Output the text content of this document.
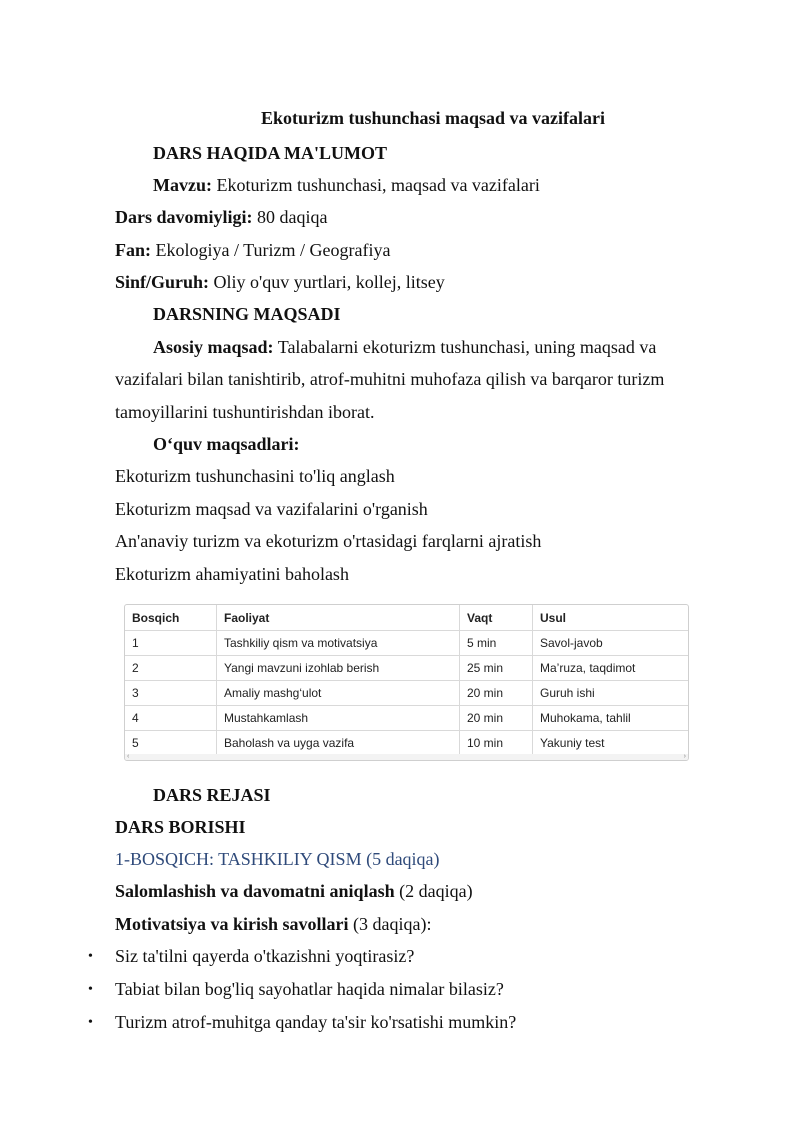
Ekoturizm tushunchasi maqsad va vazifalari
DARS HAQIDA MA'LUMOT
Mavzu: Ekoturizm tushunchasi, maqsad va vazifalari
Dars davomiyligi: 80 daqiqa
Fan: Ekologiya / Turizm / Geografiya
Sinf/Guruh: Oliy o'quv yurtlari, kollej, litsey
DARSNING MAQSADI
Asosiy maqsad: Talabalarni ekoturizm tushunchasi, uning maqsad va
vazifalari bilan tanishtirib, atrof-muhitni muhofaza qilish va barqaror turizm
tamoyillarini tushuntirishdan iborat.
O‘quv maqsadlari:
Ekoturizm tushunchasini to'liq anglash
Ekoturizm maqsad va vazifalarini o'rganish
An'anaviy turizm va ekoturizm o'rtasidagi farqlarni ajratish
Ekoturizm ahamiyatini baholash
Bosqich	Faoliyat	Vaqt	Usul
1	Tashkiliy qism va motivatsiya	5 min	Savol-javob
2	Yangi mavzuni izohlab berish	25 min	Ma’ruza, taqdimot
3	Amaliy mashg‘ulot	20 min	Guruh ishi
4	Mustahkamlash	20 min	Muhokama, tahlil
5	Baholash va uyga vazifa	10 min	Yakuniy test
‹	›
DARS REJASI
DARS BORISHI
1-BOSQICH: TASHKILIY QISM (5 daqiqa)
Salomlashish va davomatni aniqlash (2 daqiqa)
Motivatsiya va kirish savollari (3 daqiqa):
• Siz ta'tilni qayerda o'tkazishni yoqtirasiz?
• Tabiat bilan bog'liq sayohatlar haqida nimalar bilasiz?
• Turizm atrof-muhitga qanday ta'sir ko'rsatishi mumkin?
